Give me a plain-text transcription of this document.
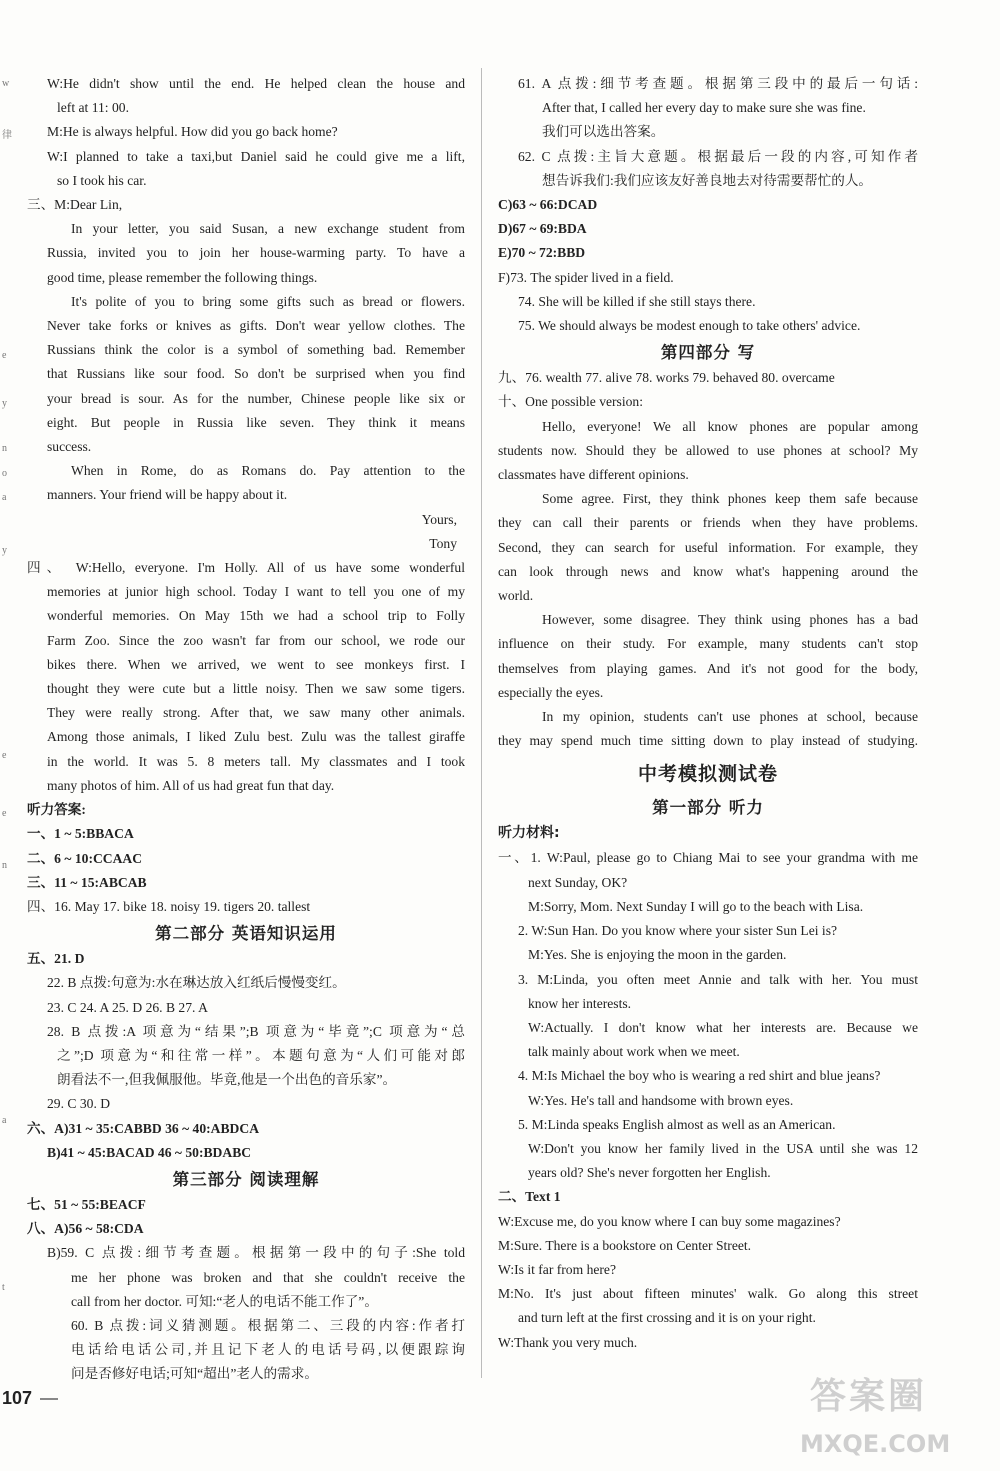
w
律
e
y
n
o
a
y
e
e
n
a
t
W:He didn't show until the end. He helped clean the house and
left at 11: 00.
M:He is always helpful. How did you go back home?
W:I planned to take a taxi,but Daniel said he could give me a lift,
so I took his car.
三、M:Dear Lin,
In your letter, you said Susan, a new exchange student from
Russia, invited you to join her house-warming party. To have a
good time, please remember the following things.
It's polite of you to bring some gifts such as bread or flowers.
Never take forks or knives as gifts. Don't wear yellow clothes. The
Russians think the color is a symbol of something bad. Remember
that Russians like sour food. So don't be surprised when you find
your bread is sour. As for the number, Chinese people like six or
eight. But people in Russia like seven. They think it means
success.
When in Rome, do as Romans do. Pay attention to the
manners. Your friend will be happy about it.
Yours,
Tony
四、 W:Hello, everyone. I'm Holly. All of us have some wonderful
memories at junior high school. Today I want to tell you one of my
wonderful memories. On May 15th we had a school trip to Folly
Farm Zoo. Since the zoo wasn't far from our school, we rode our
bikes there. When we arrived, we went to see monkeys first. I
thought they were cute but a little noisy. Then we saw some tigers.
They were really strong. After that, we saw many other animals.
Among those animals, I liked Zulu best. Zulu was the tallest giraffe
in the world. It was 5. 8 meters tall. My classmates and I took
many photos of him. All of us had great fun that day.
听力答案:
一、1 ~ 5:BBACA
二、6 ~ 10:CCAAC
三、11 ~ 15:ABCAB
四、16. May 17. bike 18. noisy 19. tigers 20. tallest
第二部分 英语知识运用
五、21. D
22. B 点拨:句意为:水在琳达放入红纸后慢慢变红。
23. C 24. A 25. D 26. B 27. A
28. B 点拨:A 项意为“结果”;B 项意为“毕竟”;C 项意为“总
之”;D 项意为“和往常一样”。本题句意为“人们可能对郎
朗看法不一,但我佩服他。毕竟,他是一个出色的音乐家”。
29. C 30. D
六、A)31 ~ 35:CABBD 36 ~ 40:ABDCA
B)41 ~ 45:BACAD 46 ~ 50:BDABC
第三部分 阅读理解
七、51 ~ 55:BEACF
八、A)56 ~ 58:CDA
B)59. C 点拨:细节考查题。根据第一段中的句子:She told
me her phone was broken and that she couldn't receive the
call from her doctor. 可知:“老人的电话不能工作了”。
60. B 点拨:词义猜测题。根据第二、三段的内容:作者打
电话给电话公司,并且记下老人的电话号码,以便跟踪询
问是否修好电话;可知“超出”老人的需求。
61. A 点拨:细节考查题。根据第三段中的最后一句话:
After that, I called her every day to make sure she was fine.
我们可以选出答案。
62. C 点拨:主旨大意题。根据最后一段的内容,可知作者
想告诉我们:我们应该友好善良地去对待需要帮忙的人。
C)63 ~ 66:DCAD
D)67 ~ 69:BDA
E)70 ~ 72:BBD
F)73. The spider lived in a field.
74. She will be killed if she still stays there.
75. We should always be modest enough to take others' advice.
第四部分 写
九、76. wealth 77. alive 78. works 79. behaved 80. overcame
十、One possible version:
Hello, everyone! We all know phones are popular among
students now. Should they be allowed to use phones at school? My
classmates have different opinions.
Some agree. First, they think phones keep them safe because
they can call their parents or friends when they have problems.
Second, they can search for useful information. For example, they
can look through news and know what's happening around the
world.
However, some disagree. They think using phones has a bad
influence on their study. For example, many students can't stop
themselves from playing games. And it's not good for the body,
especially the eyes.
In my opinion, students can't use phones at school, because
they may spend much time sitting down to play instead of studying.
中考模拟测试卷
第一部分 听力
听力材料:
一、1. W:Paul, please go to Chiang Mai to see your grandma with me
next Sunday, OK?
M:Sorry, Mom. Next Sunday I will go to the beach with Lisa.
2. W:Sun Han. Do you know where your sister Sun Lei is?
M:Yes. She is enjoying the moon in the garden.
3. M:Linda, you often meet Annie and talk with her. You must
know her interests.
W:Actually. I don't know what her interests are. Because we
talk mainly about work when we meet.
4. M:Is Michael the boy who is wearing a red shirt and blue jeans?
W:Yes. He's tall and handsome with brown eyes.
5. M:Linda speaks English almost as well as an American.
W:Don't you know her family lived in the USA until she was 12
years old? She's never forgotten her English.
二、Text 1
W:Excuse me, do you know where I can buy some magazines?
M:Sure. There is a bookstore on Center Street.
W:Is it far from here?
M:No. It's just about fifteen minutes' walk. Go along this street
and turn left at the first crossing and it is on your right.
W:Thank you very much.
107	答案圈
MXQE.COM
